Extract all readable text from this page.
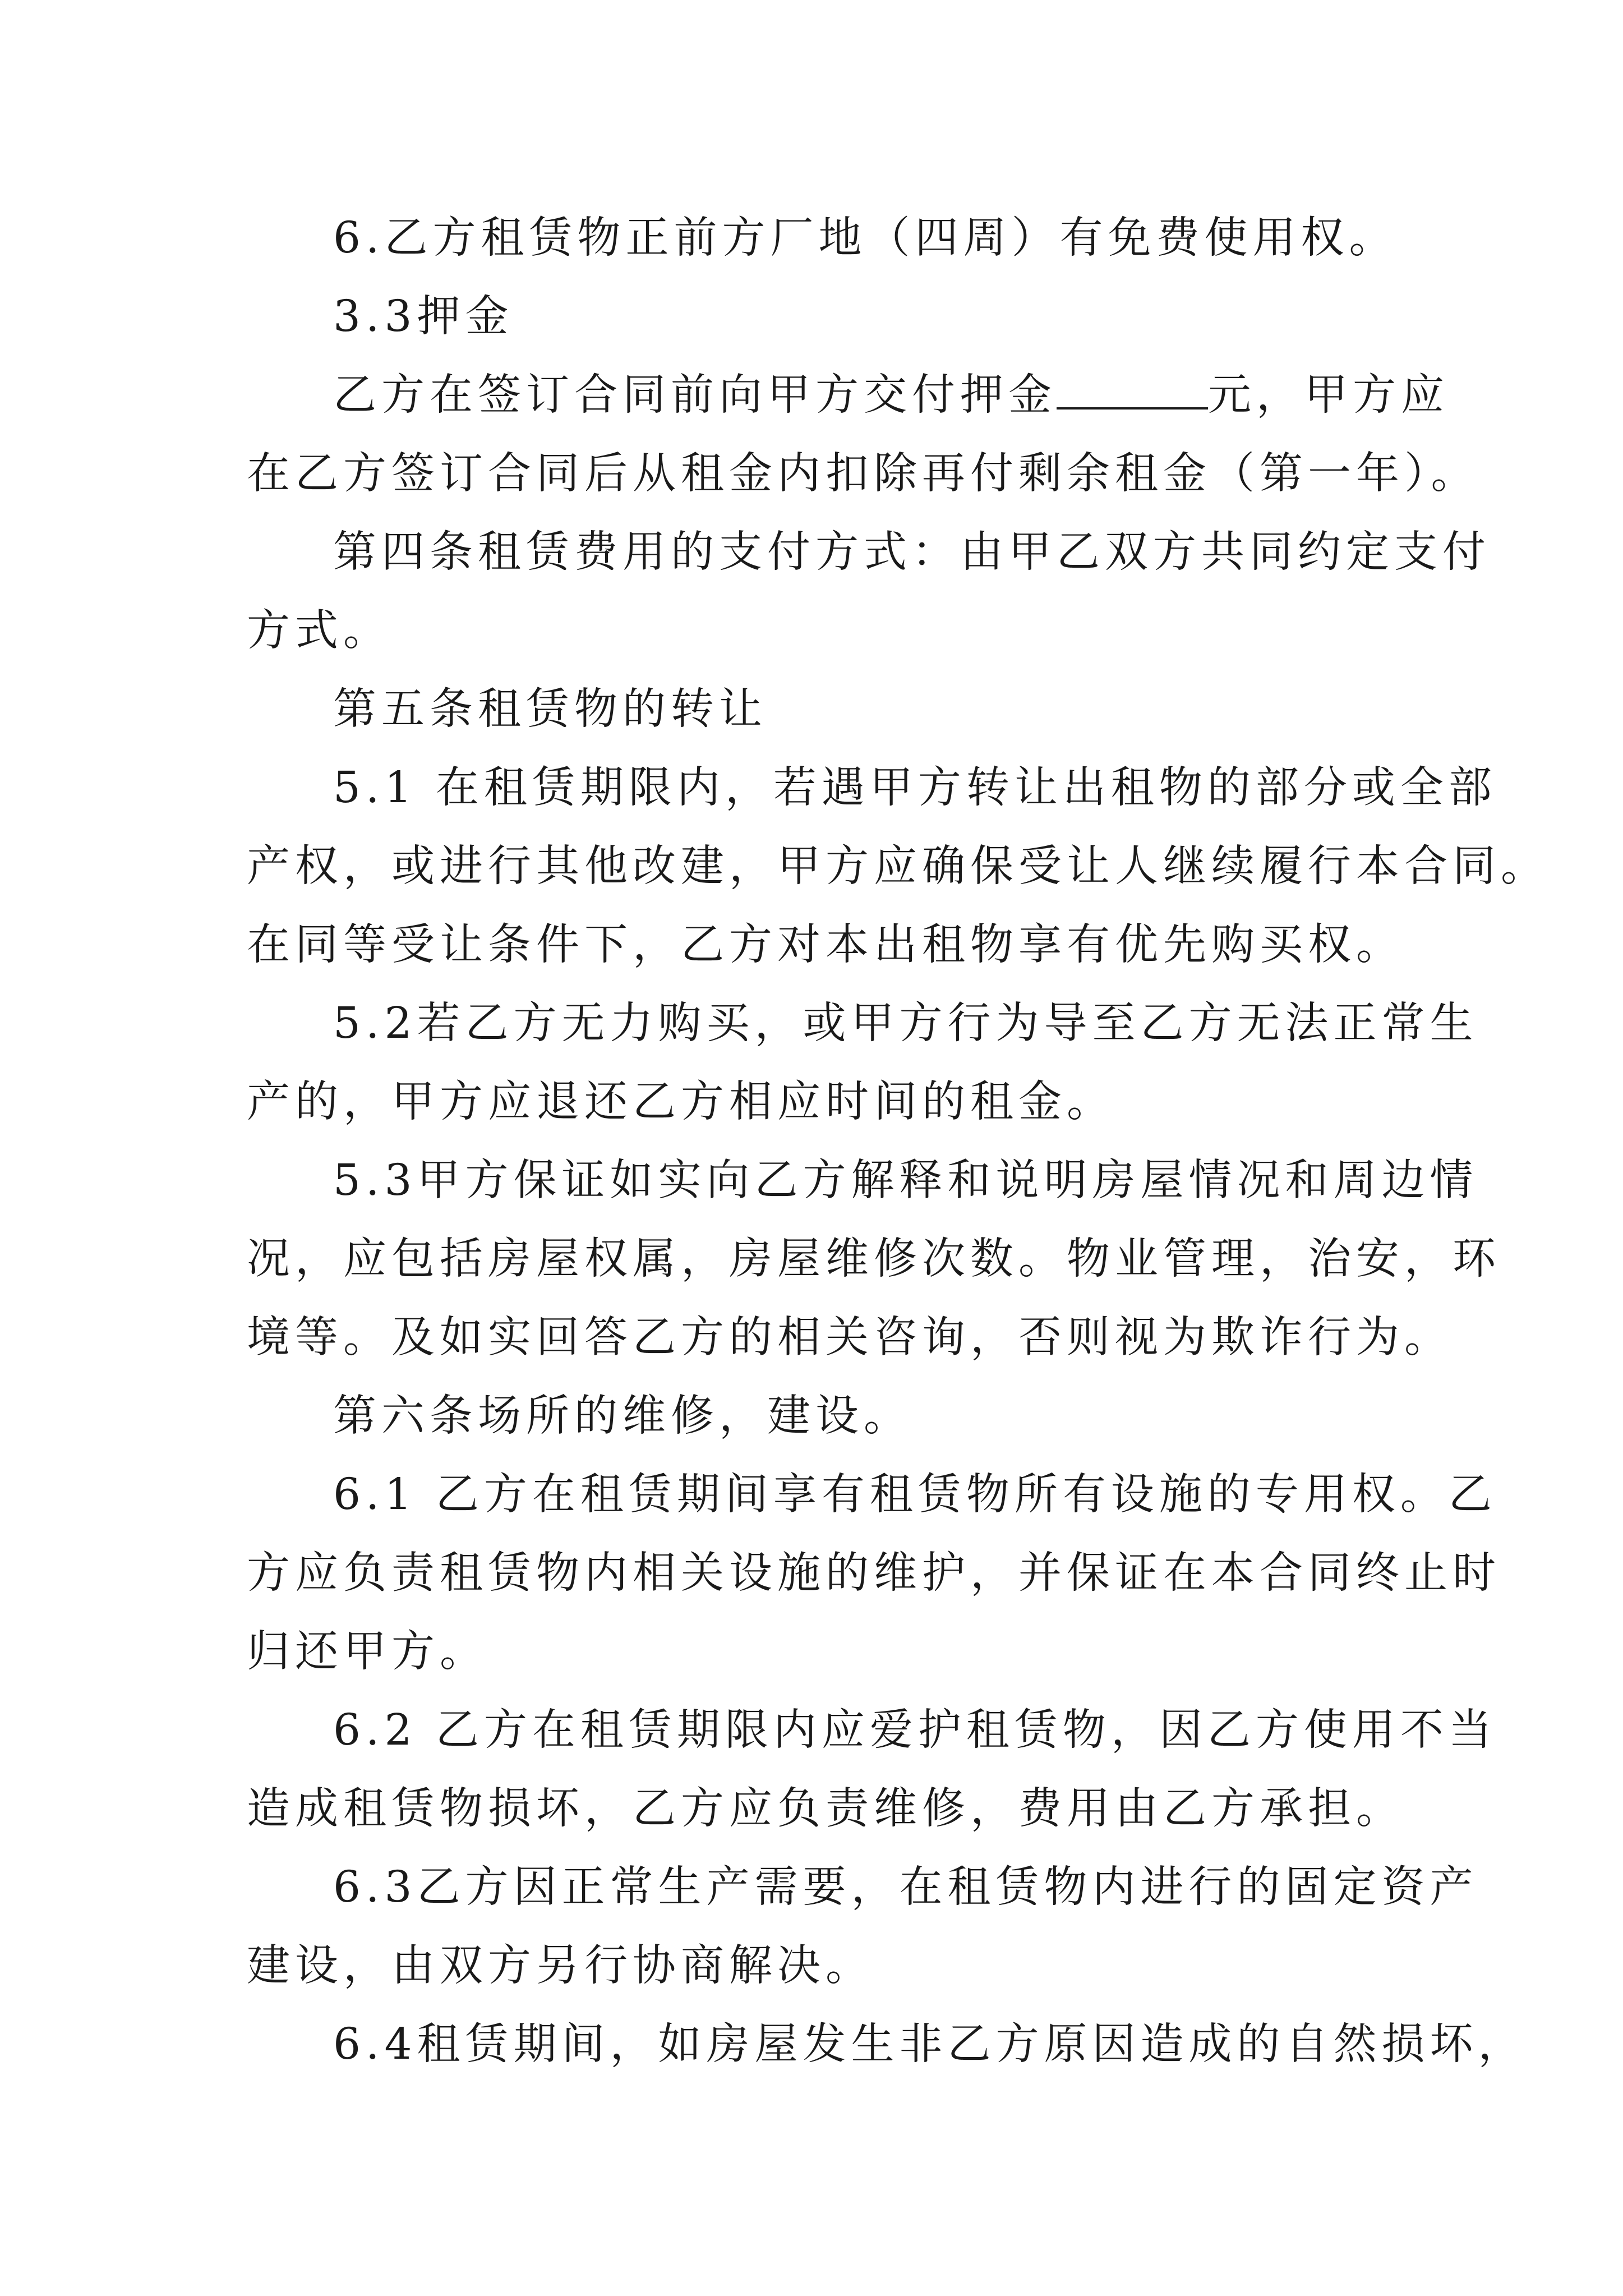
6.乙方租赁物正前方厂地（四周）有免费使用权。

3.3押金

乙方在签订合同前向甲方交付押金	元，甲方应

在乙方签订合同后从租金内扣除再付剩余租金（第一年）。

第四条租赁费用的支付方式：由甲乙双方共同约定支付

方式。

第五条租赁物的转让

5.1 在租赁期限内，若遇甲方转让出租物的部分或全部

产权，或进行其他改建，甲方应确保受让人继续履行本合同。

在同等受让条件下，乙方对本出租物享有优先购买权。

5.2若乙方无力购买，或甲方行为导至乙方无法正常生

产的，甲方应退还乙方相应时间的租金。

5.3甲方保证如实向乙方解释和说明房屋情况和周边情

况，应包括房屋权属，房屋维修次数。物业管理，治安，环

境等。及如实回答乙方的相关咨询，否则视为欺诈行为。

第六条场所的维修，建设。

6.1 乙方在租赁期间享有租赁物所有设施的专用权。乙

方应负责租赁物内相关设施的维护，并保证在本合同终止时

归还甲方。

6.2 乙方在租赁期限内应爱护租赁物，因乙方使用不当

造成租赁物损坏，乙方应负责维修，费用由乙方承担。

6.3乙方因正常生产需要，在租赁物内进行的固定资产

建设，由双方另行协商解决。

6.4租赁期间，如房屋发生非乙方原因造成的自然损坏，
